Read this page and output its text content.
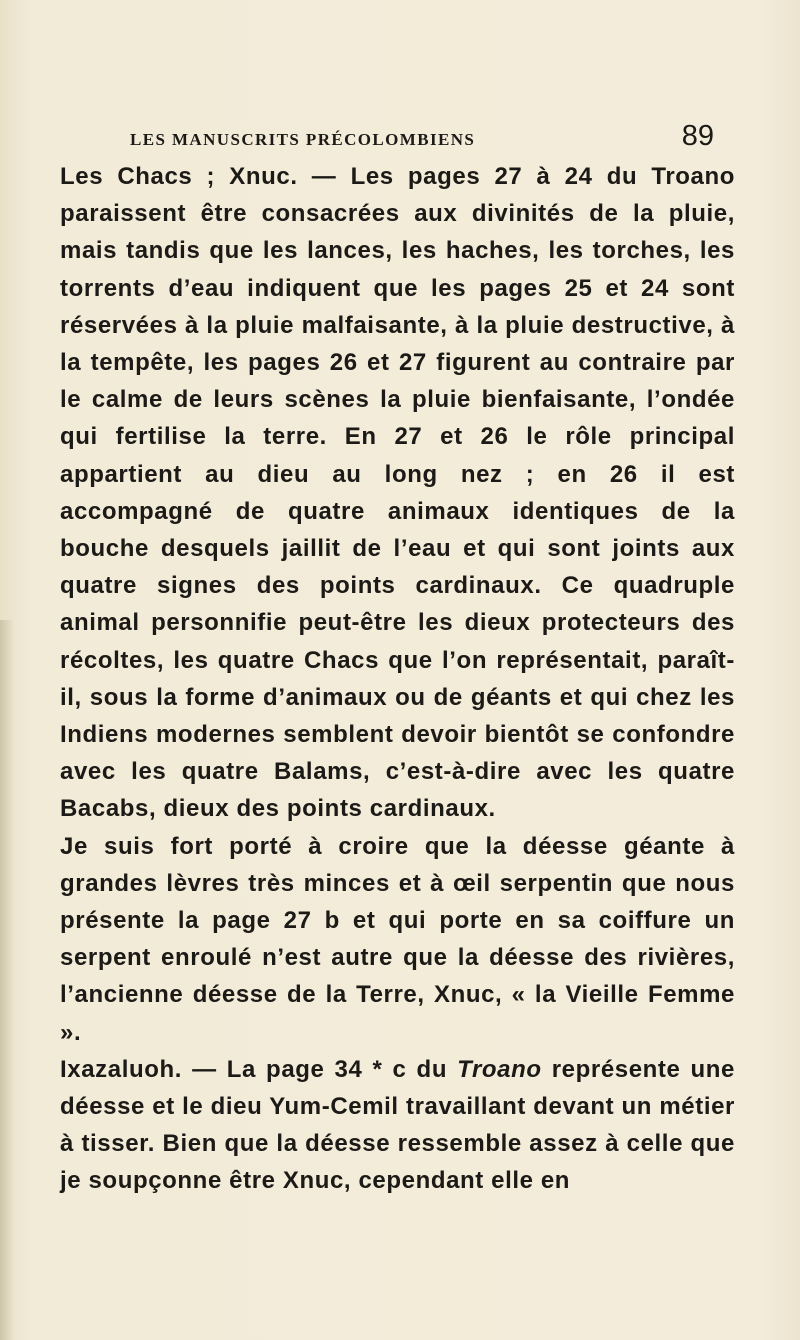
LES MANUSCRITS PRÉCOLOMBIENS	89

Les Chacs ; Xnuc. — Les pages 27 à 24 du Troano paraissent être consacrées aux divinités de la pluie, mais tandis que les lances, les haches, les torches, les torrents d’eau indiquent que les pages 25 et 24 sont réservées à la pluie malfaisante, à la pluie destructive, à la tempête, les pages 26 et 27 figurent au contraire par le calme de leurs scènes la pluie bienfaisante, l’ondée qui fertilise la terre. En 27 et 26 le rôle principal appartient au dieu au long nez ; en 26 il est accompagné de quatre animaux identiques de la bouche desquels jaillit de l’eau et qui sont joints aux quatre signes des points cardinaux. Ce quadruple animal personnifie peut-être les dieux protecteurs des récoltes, les quatre Chacs que l’on représentait, paraît-il, sous la forme d’animaux ou de géants et qui chez les Indiens modernes semblent devoir bientôt se confondre avec les quatre Balams, c’est-à-dire avec les quatre Bacabs, dieux des points cardinaux.

Je suis fort porté à croire que la déesse géante à grandes lèvres très minces et à œil serpentin que nous présente la page 27 b et qui porte en sa coiffure un serpent enroulé n’est autre que la déesse des rivières, l’ancienne déesse de la Terre, Xnuc, « la Vieille Femme ».

Ixazaluoh. — La page 34 * c du Troano représente une déesse et le dieu Yum-Cemil travaillant devant un métier à tisser. Bien que la déesse ressemble assez à celle que je soupçonne être Xnuc, cependant elle en
